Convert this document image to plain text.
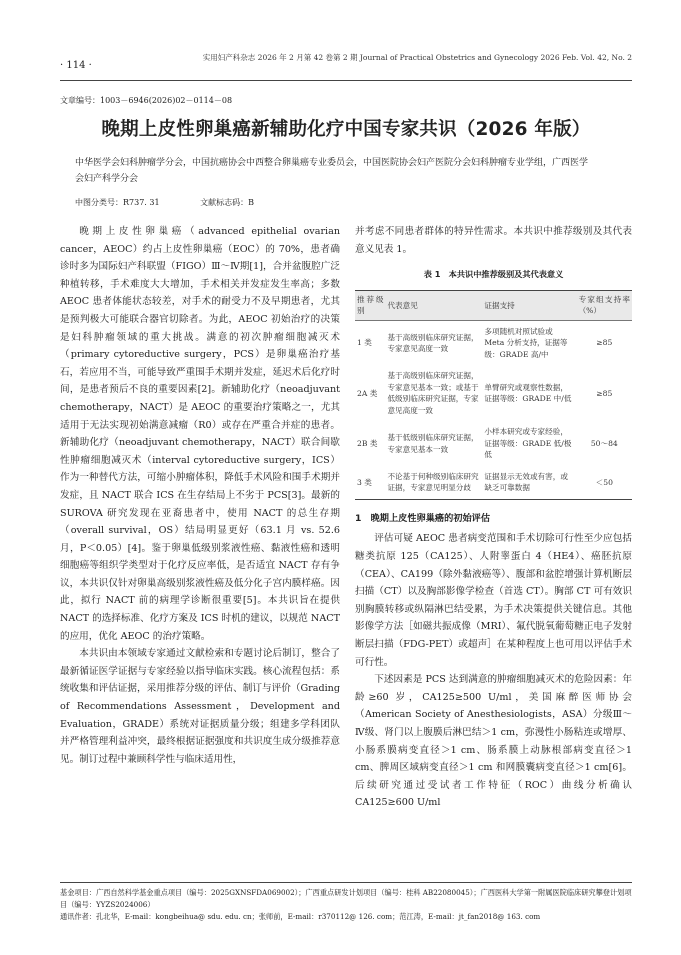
· 114 ·
实用妇产科杂志 2026 年 2 月第 42 卷第 2 期 Journal of Practical Obstetrics and Gynecology 2026 Feb. Vol. 42, No. 2
文章编号：1003－6946(2026)02－0114－08
晚期上皮性卵巢癌新辅助化疗中国专家共识（2026 年版）
中华医学会妇科肿瘤学分会，中国抗癌协会中西整合卵巢癌专业委员会，中国医院协会妇产医院分会妇科肿瘤专业学组，广西医学会妇产科学分会
中图分类号：R737. 31	文献标志码：B

晚期上皮性卵巢癌（advanced epithelial ovarian cancer，AEOC）约占上皮性卵巢癌（EOC）的 70%，患者确诊时多为国际妇产科联盟（FIGO）Ⅲ～Ⅳ期[1]，合并盆腹腔广泛种植转移，手术难度大大增加，手术相关并发症发生率高；多数 AEOC 患者体能状态较差，对手术的耐受力不及早期患者，尤其是预判极大可能联合器官切除者。为此，AEOC 初始治疗的决策是妇科肿瘤领域的重大挑战。满意的初次肿瘤细胞减灭术（primary cytoreductive surgery，PCS）是卵巢癌治疗基石，若应用不当，可能导致严重围手术期并发症，延迟术后化疗时间，是患者预后不良的重要因素[2]。新辅助化疗（neoadjuvant chemotherapy，NACT）是 AEOC 的重要治疗策略之一，尤其适用于无法实现初始满意减瘤（R0）或存在严重合并症的患者。新辅助化疗（neoadjuvant chemotherapy，NACT）联合间歇性肿瘤细胞减灭术（interval cytoreductive surgery，ICS）作为一种替代方法，可缩小肿瘤体积，降低手术风险和围手术期并发症，且 NACT 联合 ICS 在生存结局上不劣于 PCS[3]。最新的 SUROVA 研究发现在亚裔患者中，使用 NACT 的总生存期（overall survival，OS）结局明显更好（63.1 月 vs. 52.6 月，P＜0.05）[4]。鉴于卵巢低级别浆液性癌、黏液性癌和透明细胞癌等组织学类型对于化疗反应率低，是否适宜 NACT 存有争议，本共识仅针对卵巢高级别浆液性癌及低分化子宫内膜样癌。因此，拟行 NACT 前的病理学诊断很重要[5]。本共识旨在提供 NACT 的选择标准、化疗方案及 ICS 时机的建议，以规范 NACT 的应用，优化 AEOC 的治疗策略。

本共识由本领域专家通过文献检索和专题讨论后制订，整合了最新循证医学证据与专家经验以指导临床实践。核心流程包括：系统收集和评估证据，采用推荐分级的评估、制订与评价（Grading of Recommendations Assessment，Development and Evaluation，GRADE）系统对证据质量分级；组建多学科团队并严格管理利益冲突，最终根据证据强度和共识度生成分级推荐意见。制订过程中兼顾科学性与临床适用性，

并考虑不同患者群体的特异性需求。本共识中推荐级别及其代表意义见表 1。

表 1　本共识中推荐级别及其代表意义
推荐级别	代表意见	证据支持	专家组支持率（%）
1 类	基于高级别临床研究证据，专家意见高度一致	多项随机对照试验或 Meta 分析支持，证据等级：GRADE 高/中	≥85
2A 类	基于高级别临床研究证据，专家意见基本一致；或基于低级别临床研究证据，专家意见高度一致	单臂研究或观察性数据，证据等级：GRADE 中/低	≥85
2B 类	基于低级别临床研究证据，专家意见基本一致	小样本研究或专家经验，证据等级：GRADE 低/极低	50～84
3 类	不论基于何种级别临床研究证据，专家意见明显分歧	证据显示无效或有害，或缺乏可靠数据	＜50
1　晚期上皮性卵巢癌的初始评估

评估可疑 AEOC 患者病变范围和手术切除可行性至少应包括糖类抗原 125（CA125）、人附睾蛋白 4（HE4）、癌胚抗原（CEA）、CA199（除外黏液癌等）、腹部和盆腔增强计算机断层扫描（CT）以及胸部影像学检查（首选 CT）。胸部 CT 可有效识别胸膜转移或纵隔淋巴结受累，为手术决策提供关键信息。其他影像学方法［如磁共振成像（MRI）、氟代脱氧葡萄糖正电子发射断层扫描（FDG-PET）或超声］在某种程度上也可用以评估手术可行性。

下述因素是 PCS 达到满意的肿瘤细胞减灭术的危险因素：年龄≥60 岁，CA125≥500 U/ml，美国麻醉医师协会（American Society of Anesthesiologists，ASA）分级Ⅲ～Ⅳ级、肾门以上腹膜后淋巴结＞1 cm，弥漫性小肠粘连或增厚、小肠系膜病变直径＞1 cm、肠系膜上动脉根部病变直径＞1 cm、脾周区域病变直径＞1 cm 和网膜囊病变直径＞1 cm[6]。后续研究通过受试者工作特征（ROC）曲线分析确认 CA125≥600 U/ml

基金项目：广西自然科学基金重点项目（编号：2025GXNSFDA069002）；广西重点研发计划项目（编号：桂科 AB22080045）；广西医科大学第一附属医院临床研究攀登计划项目（编号：YYZS2024006）

通讯作者：孔北华，E-mail：kongbeihua@ sdu. edu. cn；张师前，E-mail：r370112@ 126. com；范江涛，E-mail：jt_fan2018@ 163. com
